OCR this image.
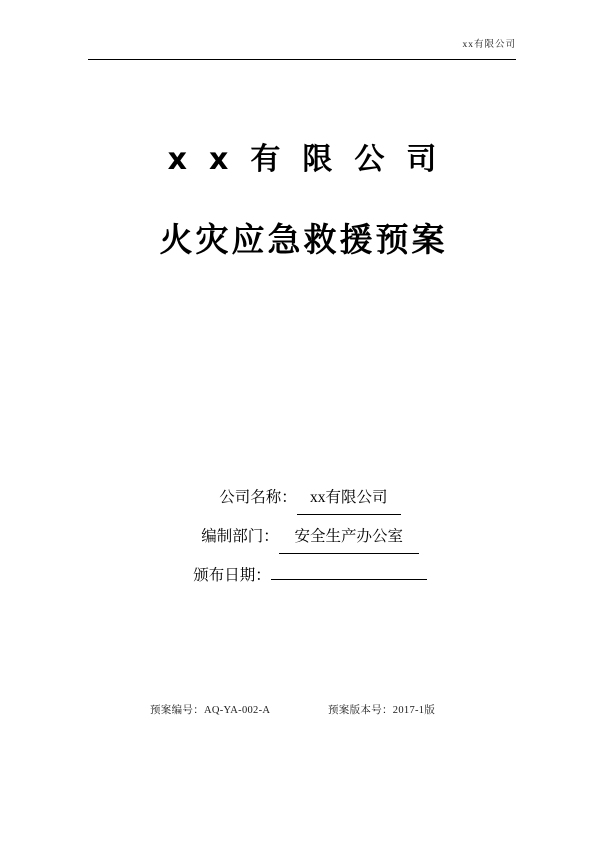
xx有限公司
xx有限公司
火灾应急救援预案
公司名称： xx有限公司
编制部门： 安全生产办公室
颁布日期：
预案编号：AQ-YA-002-A	预案版本号：2017-1版
